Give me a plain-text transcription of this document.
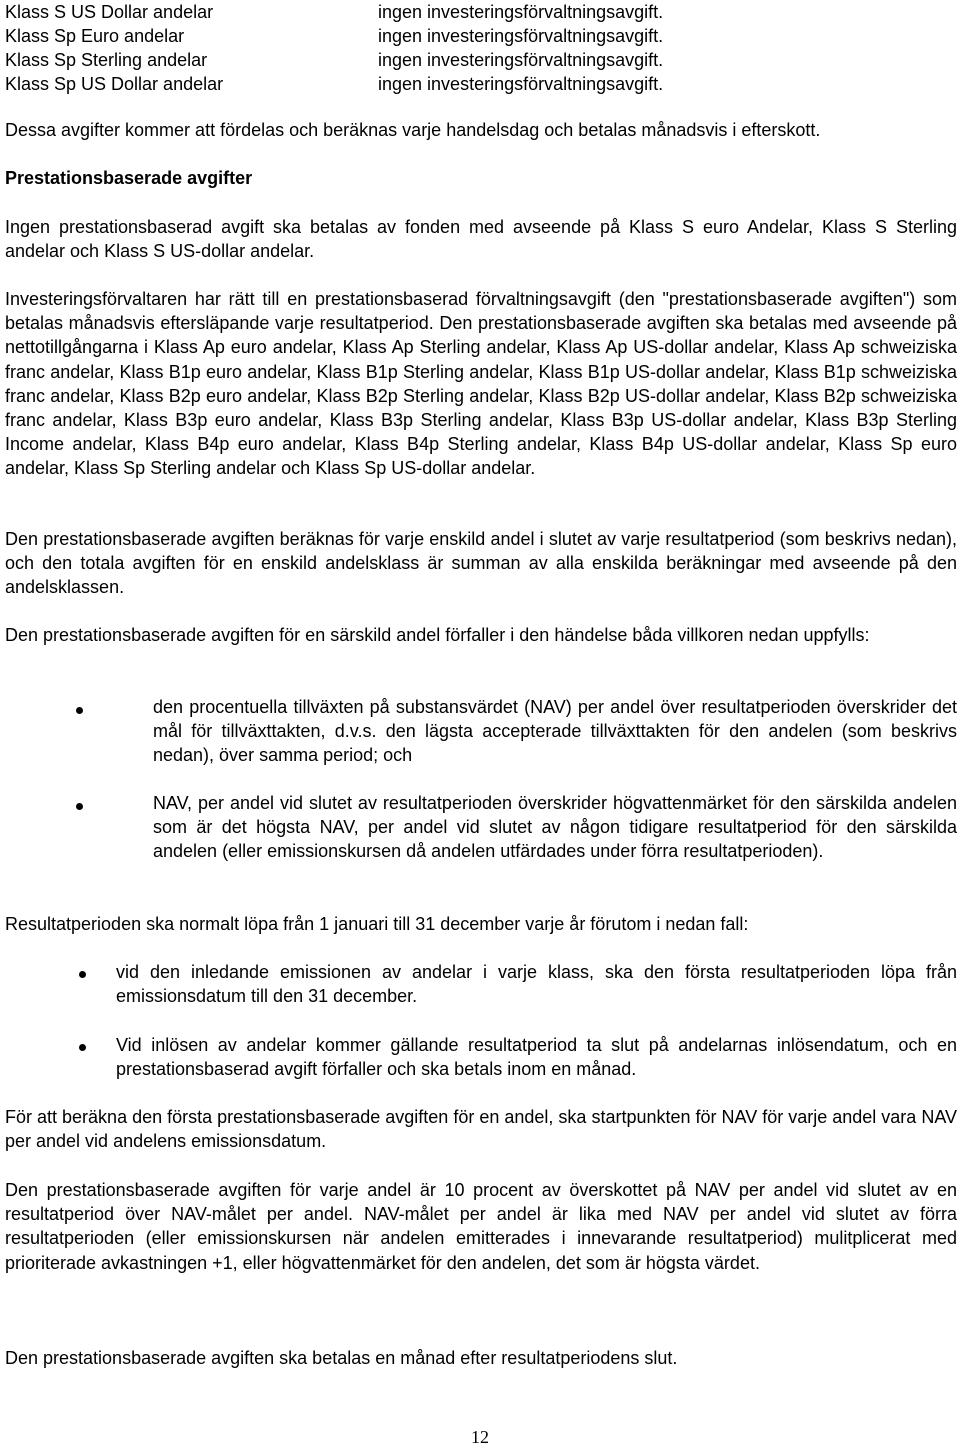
Klass S US Dollar andelar	ingen investeringsförvaltningsavgift.
Klass Sp Euro andelar	ingen investeringsförvaltningsavgift.
Klass Sp Sterling andelar	ingen investeringsförvaltningsavgift.
Klass Sp US Dollar andelar	ingen investeringsförvaltningsavgift.

Dessa avgifter kommer att fördelas och beräknas varje handelsdag och betalas månadsvis i efterskott.

Prestationsbaserade avgifter

Ingen prestationsbaserad avgift ska betalas av fonden med avseende på Klass S euro Andelar, Klass S Sterling andelar och Klass S US-dollar andelar.

Investeringsförvaltaren har rätt till en prestationsbaserad förvaltningsavgift (den "prestationsbaserade avgiften") som betalas månadsvis eftersläpande varje resultatperiod. Den prestationsbaserade avgiften ska betalas med avseende på nettotillgångarna i Klass Ap euro andelar, Klass Ap Sterling andelar, Klass Ap US-dollar andelar, Klass Ap schweiziska franc andelar, Klass B1p euro andelar, Klass B1p Sterling andelar, Klass B1p US-dollar andelar, Klass B1p schweiziska franc andelar, Klass B2p euro andelar, Klass B2p Sterling andelar, Klass B2p US-dollar andelar, Klass B2p schweiziska franc andelar, Klass B3p euro andelar, Klass B3p Sterling andelar, Klass B3p US-dollar andelar, Klass B3p Sterling Income andelar, Klass B4p euro andelar, Klass B4p Sterling andelar, Klass B4p US-dollar andelar, Klass Sp euro andelar, Klass Sp Sterling andelar och Klass Sp US-dollar andelar.

Den prestationsbaserade avgiften beräknas för varje enskild andel i slutet av varje resultatperiod (som beskrivs nedan), och den totala avgiften för en enskild andelsklass är summan av alla enskilda beräkningar med avseende på den andelsklassen.

Den prestationsbaserade avgiften för en särskild andel förfaller i den händelse båda villkoren nedan uppfylls:

den procentuella tillväxten på substansvärdet (NAV) per andel över resultatperioden överskrider det mål för tillväxttakten, d.v.s. den lägsta accepterade tillväxttakten för den andelen (som beskrivs nedan), över samma period; och

NAV, per andel vid slutet av resultatperioden överskrider högvattenmärket för den särskilda andelen som är det högsta NAV, per andel vid slutet av någon tidigare resultatperiod för den särskilda andelen (eller emissionskursen då andelen utfärdades under förra resultatperioden).

Resultatperioden ska normalt löpa från 1 januari till 31 december varje år förutom i nedan fall:

vid den inledande emissionen av andelar i varje klass, ska den första resultatperioden löpa från emissionsdatum till den 31 december.

Vid inlösen av andelar kommer gällande resultatperiod ta slut på andelarnas inlösendatum, och en prestationsbaserad avgift förfaller och ska betals inom en månad.

För att beräkna den första prestationsbaserade avgiften för en andel, ska startpunkten för NAV för varje andel vara NAV per andel vid andelens emissionsdatum.

Den prestationsbaserade avgiften för varje andel är 10 procent av överskottet på NAV per andel vid slutet av en resultatperiod över NAV-målet per andel. NAV-målet per andel är lika med NAV per andel vid slutet av förra resultatperioden (eller emissionskursen när andelen emitterades i innevarande resultatperiod) mulitplicerat med prioriterade avkastningen +1, eller högvattenmärket för den andelen, det som är högsta värdet.

Den prestationsbaserade avgiften ska betalas en månad efter resultatperiodens slut.

12
